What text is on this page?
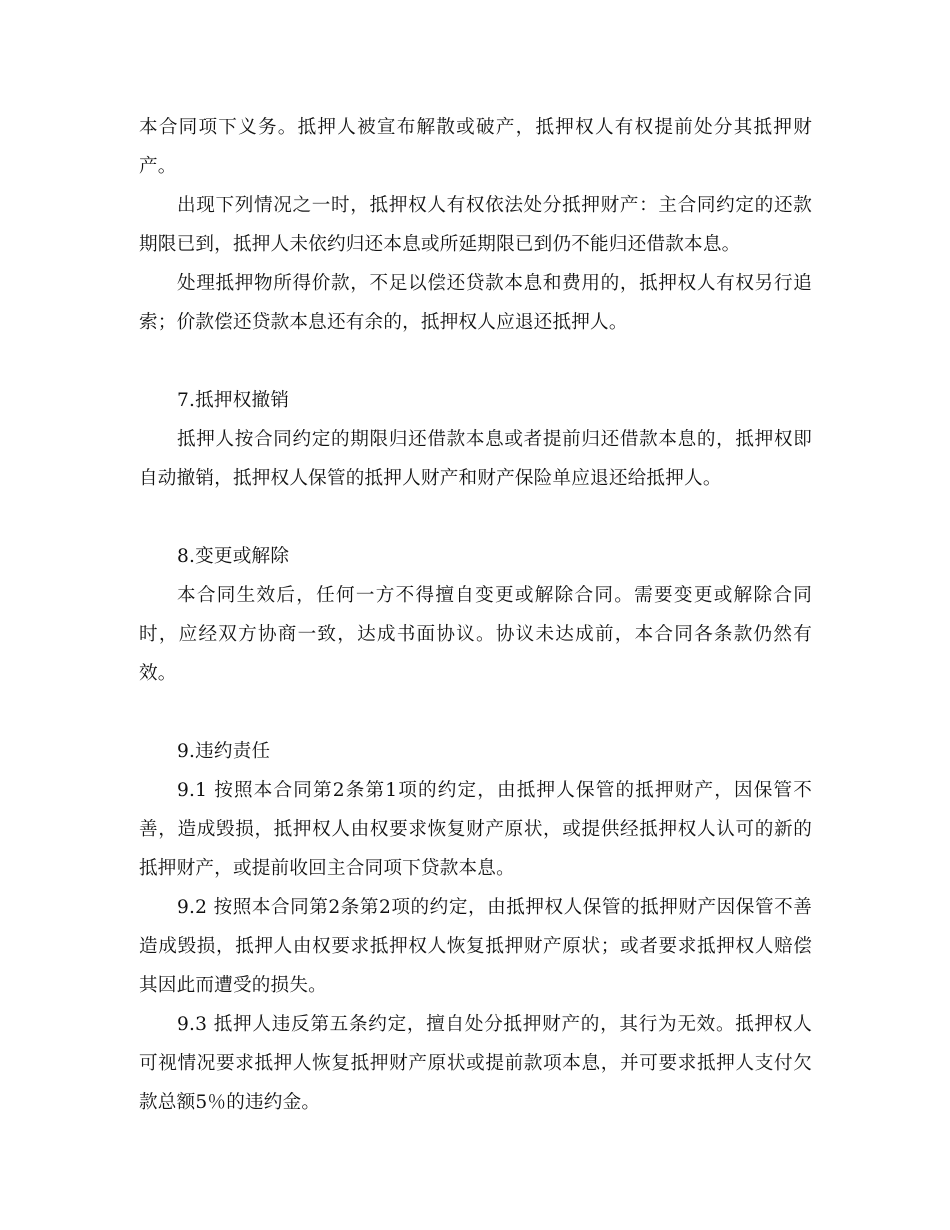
本合同项下义务。抵押人被宣布解散或破产，抵押权人有权提前处分其抵押财产。

出现下列情况之一时，抵押权人有权依法处分抵押财产：主合同约定的还款期限已到，抵押人未依约归还本息或所延期限已到仍不能归还借款本息。

处理抵押物所得价款，不足以偿还贷款本息和费用的，抵押权人有权另行追索；价款偿还贷款本息还有余的，抵押权人应退还抵押人。

7.抵押权撤销

抵押人按合同约定的期限归还借款本息或者提前归还借款本息的，抵押权即自动撤销，抵押权人保管的抵押人财产和财产保险单应退还给抵押人。

8.变更或解除

本合同生效后，任何一方不得擅自变更或解除合同。需要变更或解除合同时，应经双方协商一致，达成书面协议。协议未达成前，本合同各条款仍然有效。

9.违约责任

9.1 按照本合同第2条第1项的约定，由抵押人保管的抵押财产，因保管不善，造成毁损，抵押权人由权要求恢复财产原状，或提供经抵押权人认可的新的抵押财产，或提前收回主合同项下贷款本息。

9.2 按照本合同第2条第2项的约定，由抵押权人保管的抵押财产因保管不善造成毁损，抵押人由权要求抵押权人恢复抵押财产原状；或者要求抵押权人赔偿其因此而遭受的损失。

9.3 抵押人违反第五条约定，擅自处分抵押财产的，其行为无效。抵押权人可视情况要求抵押人恢复抵押财产原状或提前款项本息，并可要求抵押人支付欠款总额5％的违约金。
